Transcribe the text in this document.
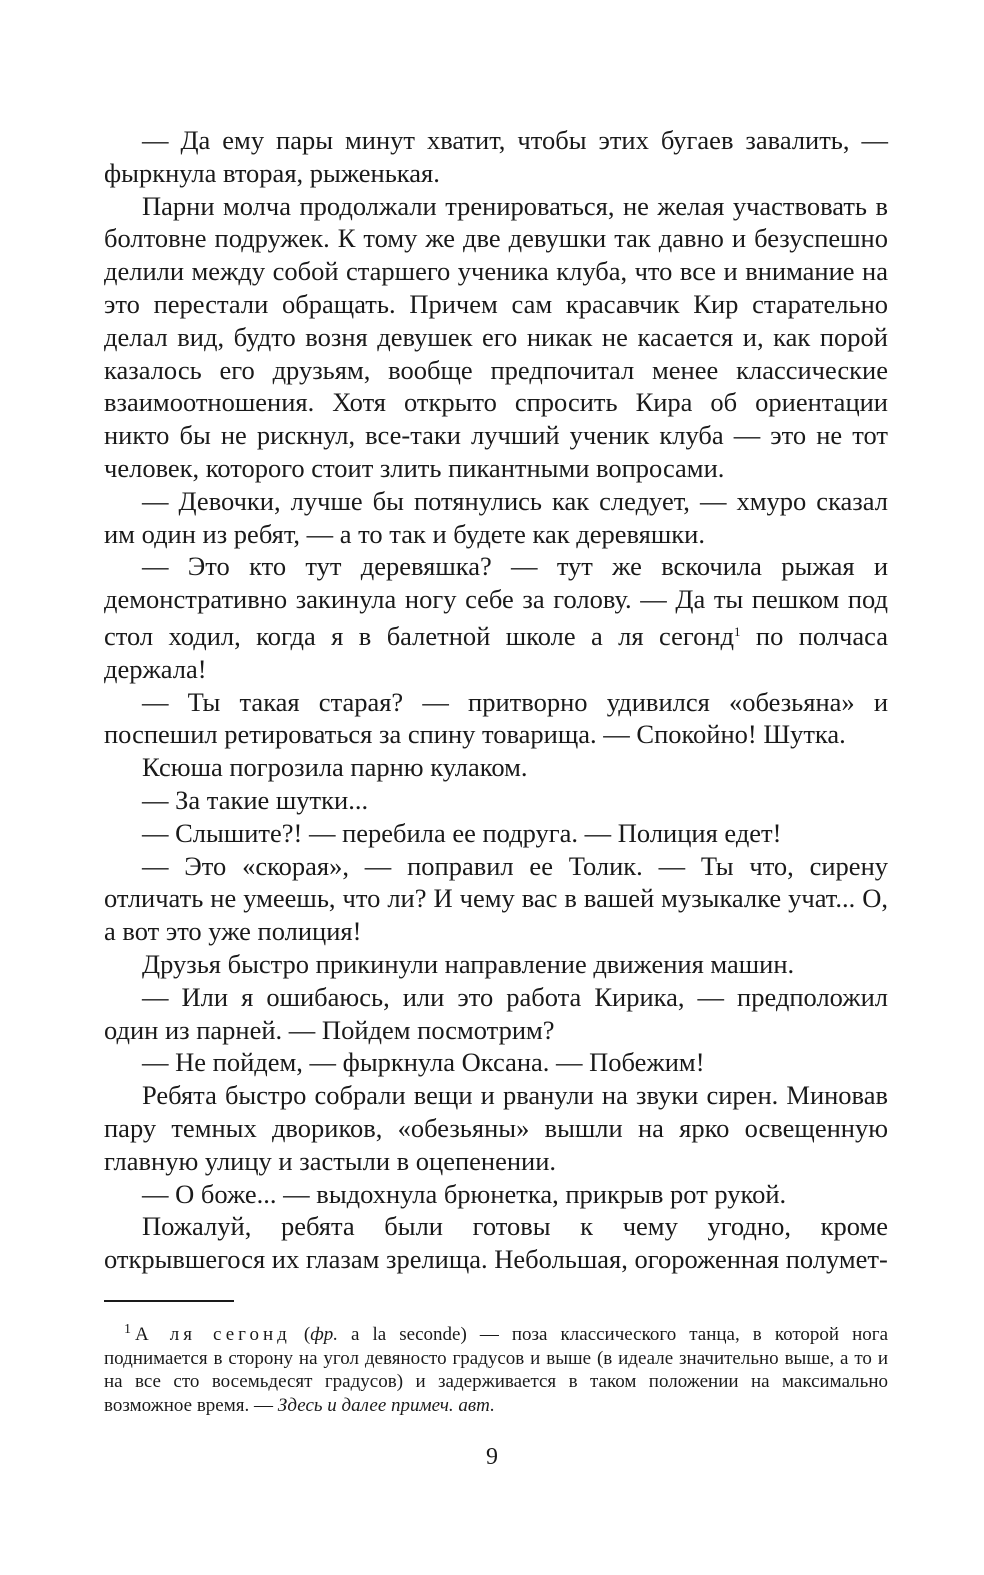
— Да ему пары минут хватит, чтобы этих бугаев завалить, — фыркнула вторая, рыженькая.

Парни молча продолжали тренироваться, не желая участвовать в болтовне подружек. К тому же две девушки так давно и безуспешно делили между собой старшего ученика клуба, что все и внимание на это перестали обращать. Причем сам красавчик Кир старательно делал вид, будто возня девушек его никак не касается и, как порой казалось его друзьям, вообще предпочитал менее классические взаимоотношения. Хотя открыто спросить Кира об ориентации никто бы не рискнул, все-таки лучший ученик клуба — это не тот человек, которого стоит злить пикантными вопросами.

— Девочки, лучше бы потянулись как следует, — хмуро сказал им один из ребят, — а то так и будете как деревяшки.

— Это кто тут деревяшка? — тут же вскочила рыжая и демонстративно закинула ногу себе за голову. — Да ты пешком под стол ходил, когда я в балетной школе а ля сегонд$^1$ по полчаса держала!

— Ты такая старая? — притворно удивился «обезьяна» и поспешил ретироваться за спину товарища. — Спокойно! Шутка.

Ксюша погрозила парню кулаком.

— За такие шутки...

— Слышите?! — перебила ее подруга. — Полиция едет!

— Это «скорая», — поправил ее Толик. — Ты что, сирену отличать не умеешь, что ли? И чему вас в вашей музыкалке учат... О, а вот это уже полиция!

Друзья быстро прикинули направление движения машин.

— Или я ошибаюсь, или это работа Кирика, — предположил один из парней. — Пойдем посмотрим?

— Не пойдем, — фыркнула Оксана. — Побежим!

Ребята быстро собрали вещи и рванули на звуки сирен. Миновав пару темных двориков, «обезьяны» вышли на ярко освещенную главную улицу и застыли в оцепенении.

— О боже... — выдохнула брюнетка, прикрыв рот рукой.

Пожалуй, ребята были готовы к чему угодно, кроме открывшегося их глазам зрелища. Небольшая, огороженная полумет-

$^1$ А ля сегонд (фр. a la seconde) — поза классического танца, в которой нога поднимается в сторону на угол девяносто градусов и выше (в идеале значительно выше, а то и на все сто восемьдесят градусов) и задерживается в таком положении на максимально возможное время. — Здесь и далее примеч. авт.
9
